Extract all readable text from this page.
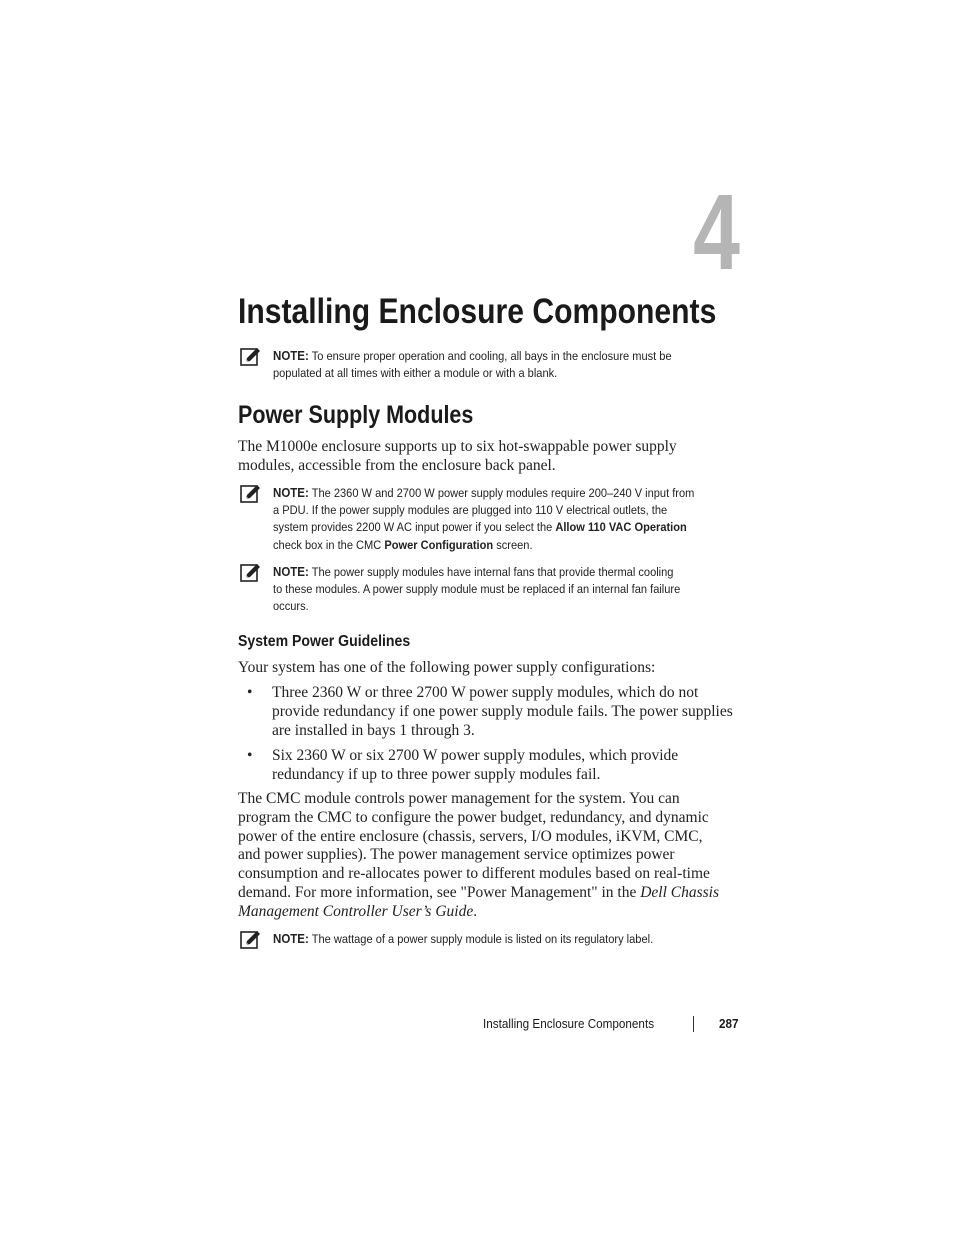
4
Installing Enclosure Components
NOTE: To ensure proper operation and cooling, all bays in the enclosure must be
populated at all times with either a module or with a blank.
Power Supply Modules
The M1000e enclosure supports up to six hot-swappable power supply
modules, accessible from the enclosure back panel.
NOTE: The 2360 W and 2700 W power supply modules require 200–240 V input from
a PDU. If the power supply modules are plugged into 110 V electrical outlets, the
system provides 2200 W AC input power if you select the Allow 110 VAC Operation
check box in the CMC Power Configuration screen.
NOTE: The power supply modules have internal fans that provide thermal cooling
to these modules. A power supply module must be replaced if an internal fan failure
occurs.
System Power Guidelines
Your system has one of the following power supply configurations:
• Three 2360 W or three 2700 W power supply modules, which do not
provide redundancy if one power supply module fails. The power supplies
are installed in bays 1 through 3.
• Six 2360 W or six 2700 W power supply modules, which provide
redundancy if up to three power supply modules fail.
The CMC module controls power management for the system. You can
program the CMC to configure the power budget, redundancy, and dynamic
power of the entire enclosure (chassis, servers, I/O modules, iKVM, CMC,
and power supplies). The power management service optimizes power
consumption and re-allocates power to different modules based on real-time
demand. For more information, see "Power Management" in the Dell Chassis
Management Controller User’s Guide.
NOTE: The wattage of a power supply module is listed on its regulatory label.
Installing Enclosure Components	287
